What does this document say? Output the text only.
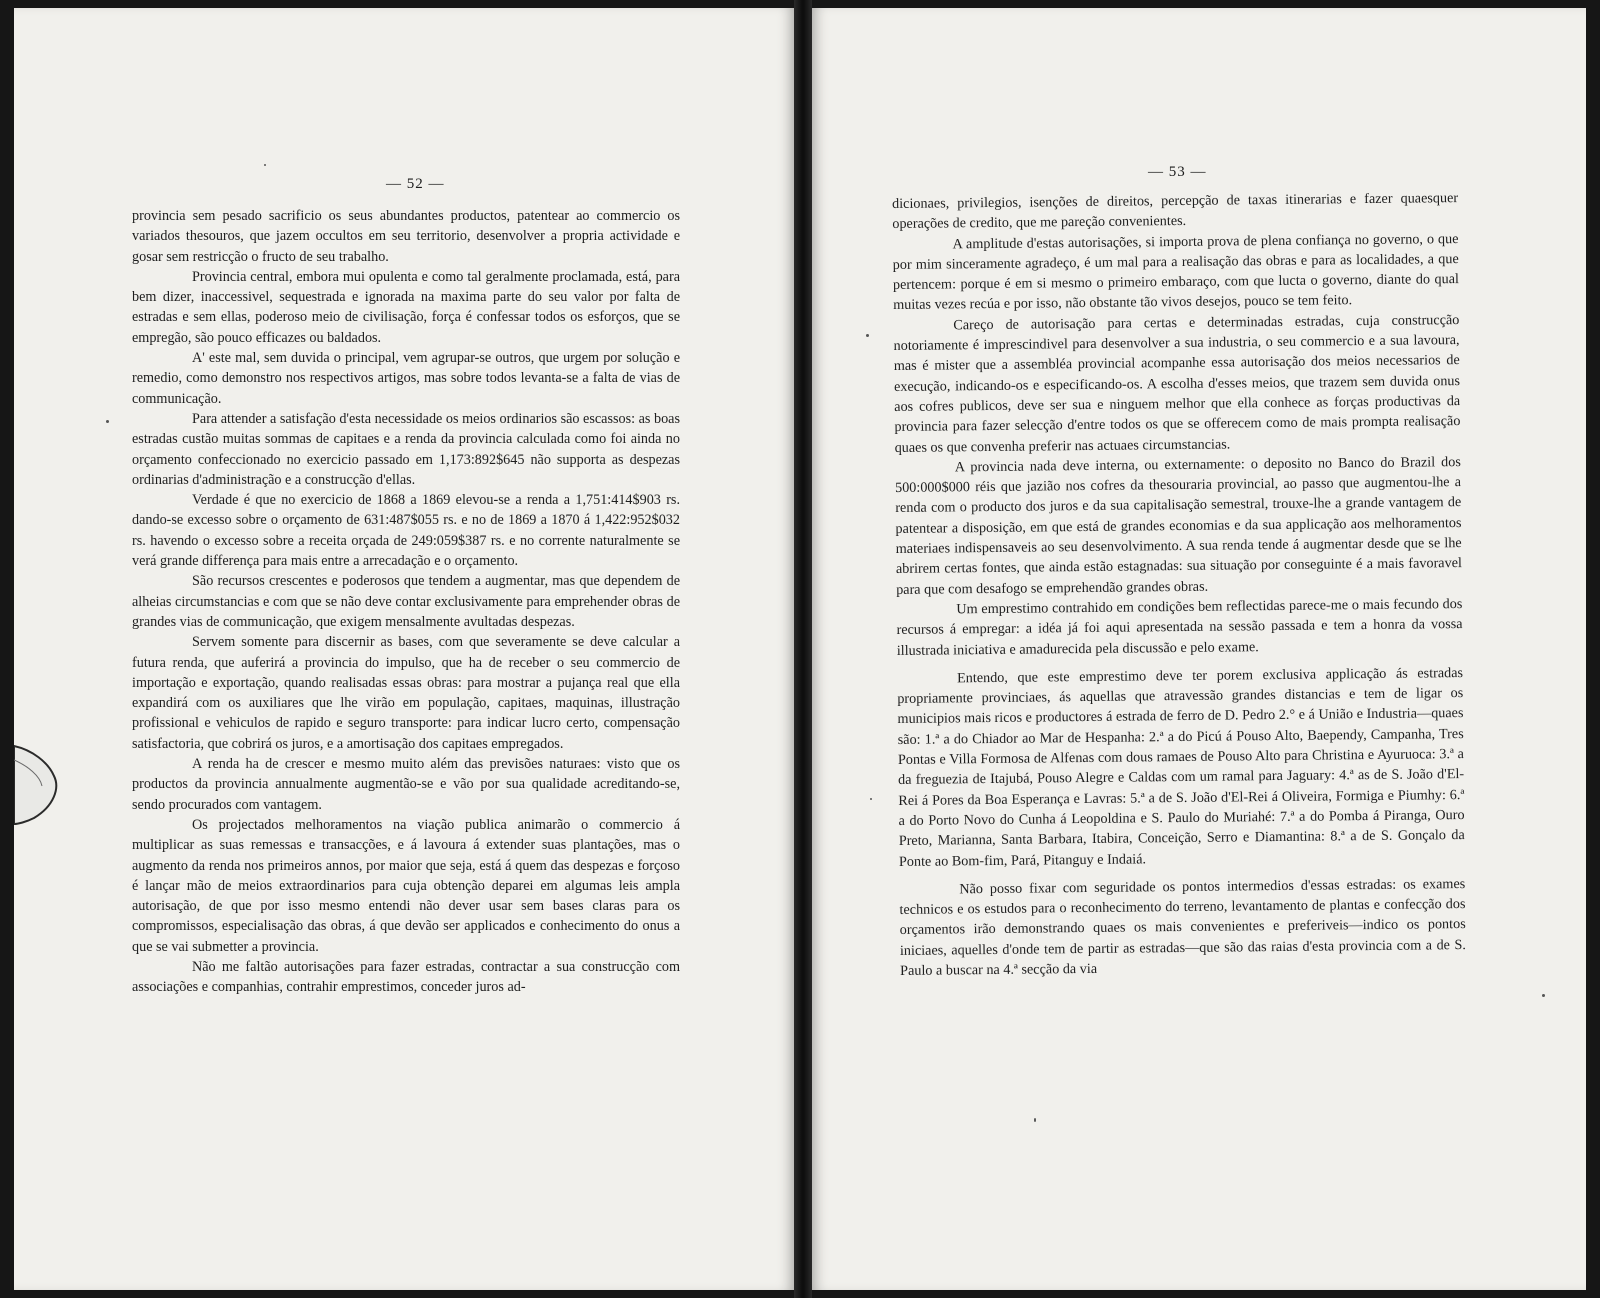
— 52 —

provincia sem pesado sacrificio os seus abundantes productos, patentear ao commercio os variados thesouros, que jazem occultos em seu territorio, desenvolver a propria actividade e gosar sem restricção o fructo de seu trabalho.

Provincia central, embora mui opulenta e como tal geralmente proclamada, está, para bem dizer, inaccessivel, sequestrada e ignorada na maxima parte do seu valor por falta de estradas e sem ellas, poderoso meio de civilisação, força é confessar todos os esforços, que se empregão, são pouco efficazes ou baldados.

A' este mal, sem duvida o principal, vem agrupar-se outros, que urgem por solução e remedio, como demonstro nos respectivos artigos, mas sobre todos levanta-se a falta de vias de communicação.

Para attender a satisfação d'esta necessidade os meios ordinarios são escassos: as boas estradas custão muitas sommas de capitaes e a renda da provincia calculada como foi ainda no orçamento confeccionado no exercicio passado em 1,173:892$645 não supporta as despezas ordinarias d'administração e a construcção d'ellas.

Verdade é que no exercicio de 1868 a 1869 elevou-se a renda a 1,751:414$903 rs. dando-se excesso sobre o orçamento de 631:487$055 rs. e no de 1869 a 1870 á 1,422:952$032 rs. havendo o excesso sobre a receita orçada de 249:059$387 rs. e no corrente naturalmente se verá grande differença para mais entre a arrecadação e o orçamento.

São recursos crescentes e poderosos que tendem a augmentar, mas que dependem de alheias circumstancias e com que se não deve contar exclusivamente para emprehender obras de grandes vias de communicação, que exigem mensalmente avultadas despezas.

Servem somente para discernir as bases, com que severamente se deve calcular a futura renda, que auferirá a provincia do impulso, que ha de receber o seu commercio de importação e exportação, quando realisadas essas obras: para mostrar a pujança real que ella expandirá com os auxiliares que lhe virão em população, capitaes, maquinas, illustração profissional e vehiculos de rapido e seguro transporte: para indicar lucro certo, compensação satisfactoria, que cobrirá os juros, e a amortisação dos capitaes empregados.

A renda ha de crescer e mesmo muito além das previsões naturaes: visto que os productos da provincia annualmente augmentão-se e vão por sua qualidade acreditando-se, sendo procurados com vantagem.

Os projectados melhoramentos na viação publica animarão o commercio á multiplicar as suas remessas e transacções, e á lavoura á extender suas plantações, mas o augmento da renda nos primeiros annos, por maior que seja, está á quem das despezas e forçoso é lançar mão de meios extraordinarios para cuja obtenção deparei em algumas leis ampla autorisação, de que por isso mesmo entendi não dever usar sem bases claras para os compromissos, especialisação das obras, á que devão ser applicados e conhecimento do onus a que se vai submetter a provincia.

Não me faltão autorisações para fazer estradas, contractar a sua construcção com associações e companhias, contrahir emprestimos, conceder juros ad-

— 53 —

dicionaes, privilegios, isenções de direitos, percepção de taxas itinerarias e fazer quaesquer operações de credito, que me pareção convenientes.

A amplitude d'estas autorisações, si importa prova de plena confiança no governo, o que por mim sinceramente agradeço, é um mal para a realisação das obras e para as localidades, a que pertencem: porque é em si mesmo o primeiro embaraço, com que lucta o governo, diante do qual muitas vezes recúa e por isso, não obstante tão vivos desejos, pouco se tem feito.

Careço de autorisação para certas e determinadas estradas, cuja construcção notoriamente é imprescindivel para desenvolver a sua industria, o seu commercio e a sua lavoura, mas é mister que a assembléa provincial acompanhe essa autorisação dos meios necessarios de execução, indicando-os e especificando-os. A escolha d'esses meios, que trazem sem duvida onus aos cofres publicos, deve ser sua e ninguem melhor que ella conhece as forças productivas da provincia para fazer selecção d'entre todos os que se offerecem como de mais prompta realisação quaes os que convenha preferir nas actuaes circumstancias.

A provincia nada deve interna, ou externamente: o deposito no Banco do Brazil dos 500:000$000 réis que jazião nos cofres da thesouraria provincial, ao passo que augmentou-lhe a renda com o producto dos juros e da sua capitalisação semestral, trouxe-lhe a grande vantagem de patentear a disposição, em que está de grandes economias e da sua applicação aos melhoramentos materiaes indispensaveis ao seu desenvolvimento. A sua renda tende á augmentar desde que se lhe abrirem certas fontes, que ainda estão estagnadas: sua situação por conseguinte é a mais favoravel para que com desafogo se emprehendão grandes obras.

Um emprestimo contrahido em condições bem reflectidas parece-me o mais fecundo dos recursos á empregar: a idéa já foi aqui apresentada na sessão passada e tem a honra da vossa illustrada iniciativa e amadurecida pela discussão e pelo exame.

Entendo, que este emprestimo deve ter porem exclusiva applicação ás estradas propriamente provinciaes, ás aquellas que atravessão grandes distancias e tem de ligar os municipios mais ricos e productores á estrada de ferro de D. Pedro 2.° e á União e Industria—quaes são: 1.ª a do Chiador ao Mar de Hespanha: 2.ª a do Picú á Pouso Alto, Baependy, Campanha, Tres Pontas e Villa Formosa de Alfenas com dous ramaes de Pouso Alto para Christina e Ayuruoca: 3.ª a da freguezia de Itajubá, Pouso Alegre e Caldas com um ramal para Jaguary: 4.ª as de S. João d'El-Rei á Pores da Boa Esperança e Lavras: 5.ª a de S. João d'El-Rei á Oliveira, Formiga e Piumhy: 6.ª a do Porto Novo do Cunha á Leopoldina e S. Paulo do Muriahé: 7.ª a do Pomba á Piranga, Ouro Preto, Marianna, Santa Barbara, Itabira, Conceição, Serro e Diamantina: 8.ª a de S. Gonçalo da Ponte ao Bom-fim, Pará, Pitanguy e Indaiá.

Não posso fixar com seguridade os pontos intermedios d'essas estradas: os exames technicos e os estudos para o reconhecimento do terreno, levantamento de plantas e confecção dos orçamentos irão demonstrando quaes os mais convenientes e preferiveis—indico os pontos iniciaes, aquelles d'onde tem de partir as estradas—que são das raias d'esta provincia com a de S. Paulo a buscar na 4.ª secção da via
